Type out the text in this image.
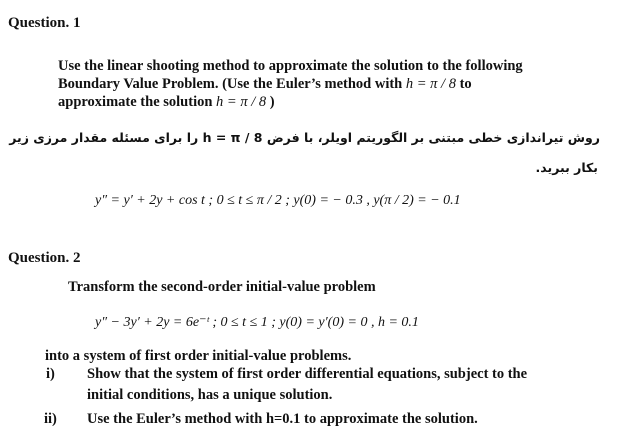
Question. 1
Use the linear shooting method to approximate the solution to the following
Boundary Value Problem. (Use the Euler’s method with h = π / 8 to
approximate the solution h = π / 8 )
روش تیراندازی خطی مبتنی بر الگوریتم اویلر، با فرض h = π / 8 را برای مسئله مقدار مرزی زیر
بکار ببرید.
y″ = y′ + 2y + cos t ; 0 ≤ t ≤ π / 2 ; y(0) = − 0.3 , y(π / 2) = − 0.1
Question. 2
Transform the second-order initial-value problem
y″ − 3y′ + 2y = 6e⁻ᵗ ; 0 ≤ t ≤ 1 ; y(0) = y′(0) = 0 , h = 0.1
into a system of first order initial-value problems.
i) Show that the system of first order differential equations, subject to the
initial conditions, has a unique solution.
ii) Use the Euler’s method with h=0.1 to approximate the solution.
